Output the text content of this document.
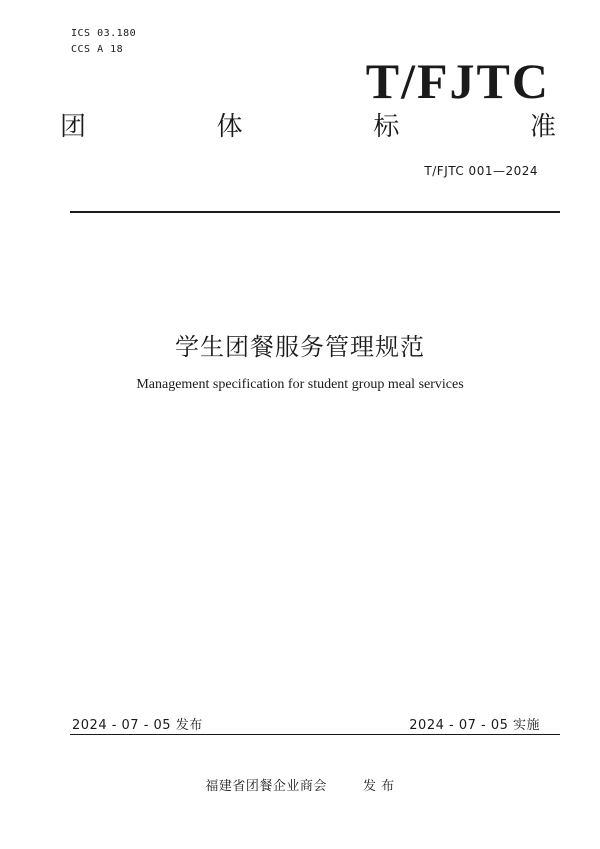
ICS 03.180
CCS A 18
T/FJTC
团	体	标	准
T/FJTC 001—2024
学生团餐服务管理规范
Management specification for student group meal services
2024 - 07 - 05 发布	2024 - 07 - 05 实施
福建省团餐企业商会	发 布
